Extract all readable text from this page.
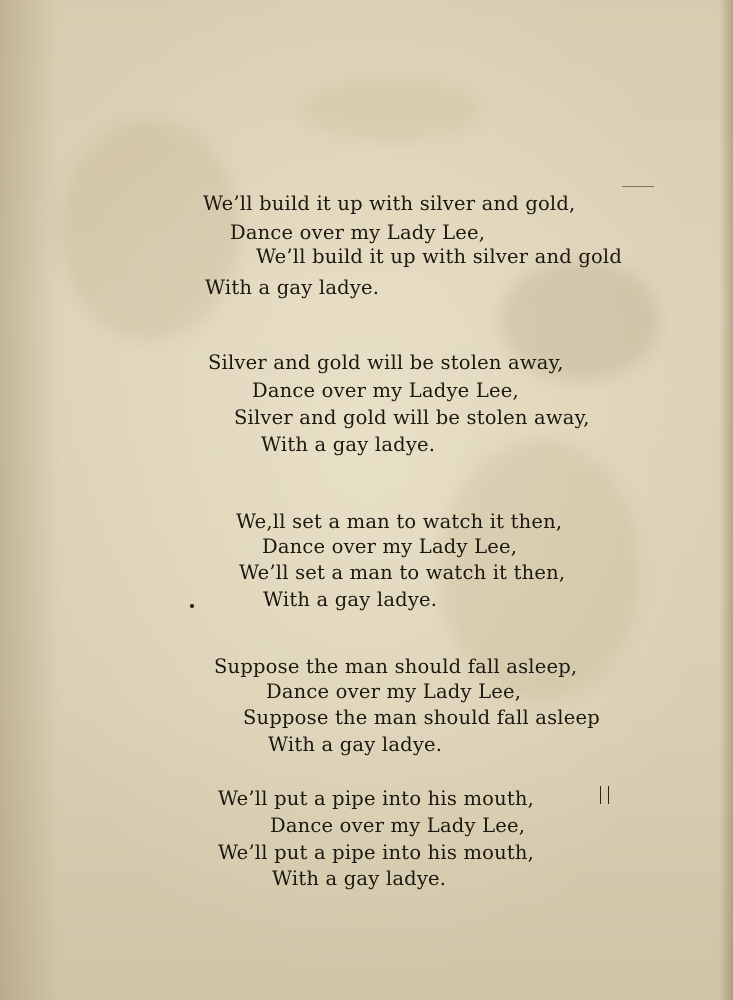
We’ll build it up with silver and gold,
Dance over my Lady Lee,
We’ll build it up with silver and gold
With a gay ladye.
Silver and gold will be stolen away,
Dance over my Ladye Lee,
Silver and gold will be stolen away,
With a gay ladye.
We,ll set a man to watch it then,
Dance over my Lady Lee,
We’ll set a man to watch it then,
With a gay ladye.
Suppose the man should fall asleep,
Dance over my Lady Lee,
Suppose the man should fall asleep
With a gay ladye.
We’ll put a pipe into his mouth,
Dance over my Lady Lee,
We’ll put a pipe into his mouth,
With a gay ladye.
